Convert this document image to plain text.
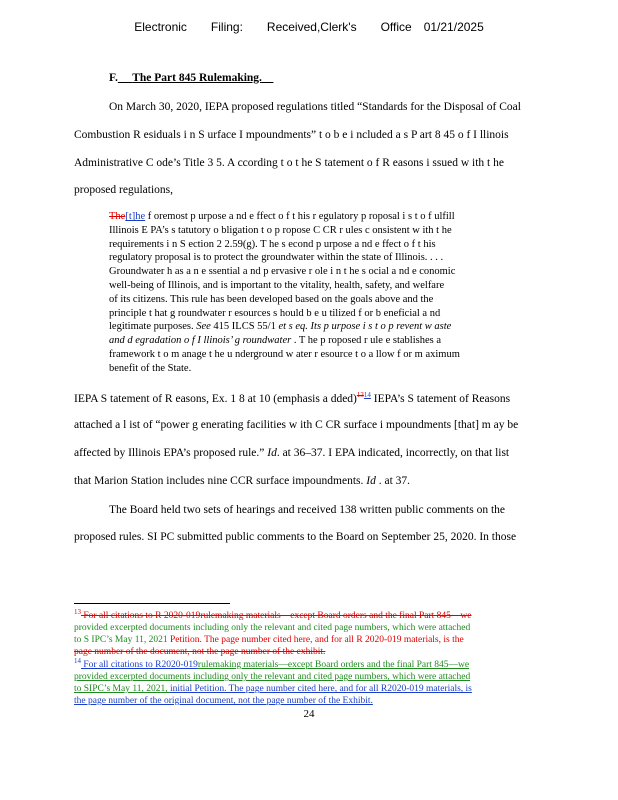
Electronic Filing: Received,Clerk's Office 01/21/2025
F. The Part 845 Rulemaking.
On March 30, 2020, IEPA proposed regulations titled “Standards for the Disposal of Coal
Combustion R esiduals i n S urface I mpoundments” t o b e i ncluded a s P art 8 45 o f I llinois
Administrative C ode’s Title 3 5. A ccording t o t he S tatement o f R easons i ssued w ith t he
proposed regulations,
The[t]he f oremost p urpose a nd e ffect o f t his r egulatory p roposal i s t o f ulfill
Illinois E PA’s s tatutory o bligation t o p ropose C CR r ules c onsistent w ith t he
requirements i n S ection 2 2.59(g). T he s econd p urpose a nd e ffect o f t his
regulatory proposal is to protect the groundwater within the state of Illinois. . . .
Groundwater h as a n e ssential a nd p ervasive r ole i n t he s ocial a nd e conomic
well-being of Illinois, and is important to the vitality, health, safety, and welfare
of its citizens. This rule has been developed based on the goals above and the
principle t hat g roundwater r esources s hould b e u tilized f or b eneficial a nd
legitimate purposes. See 415 ILCS 55/1 et s eq. Its p urpose i s t o p revent w aste
and d egradation o f I llinois’ g roundwater . T he p roposed r ule e stablishes a
framework t o m anage t he u nderground w ater r esource t o a llow f or m aximum
benefit of the State.
IEPA S tatement of R easons, Ex. 1 8 at 10 (emphasis a dded)$^{1314}$ IEPA’s S tatement of Reasons
attached a l ist of “power g enerating facilities w ith C CR surface i mpoundments [that] m ay be
affected by Illinois EPA’s proposed rule.” Id. at 36–37. I EPA indicated, incorrectly, on that list
that Marion Station includes nine CCR surface impoundments. Id . at 37.
The Board held two sets of hearings and received 138 written public comments on the
proposed rules. SI PC submitted public comments to the Board on September 25, 2020. In those
$^{13}$ For all citations to R 2020-019rulemaking materials—except Board orders and the final Part 845—we
provided excerpted documents including only the relevant and cited page numbers, which were attached
to S IPC’s May 11, 2021 Petition. The page number cited here, and for all R 2020-019 materials, is the
page number of the document, not the page number of the exhibit.
$^{14}$ For all citations to R2020-019rulemaking materials—except Board orders and the final Part 845—we
provided excerpted documents including only the relevant and cited page numbers, which were attached
to SIPC’s May 11, 2021, initial Petition. The page number cited here, and for all R2020-019 materials, is
the page number of the original document, not the page number of the Exhibit.
24
